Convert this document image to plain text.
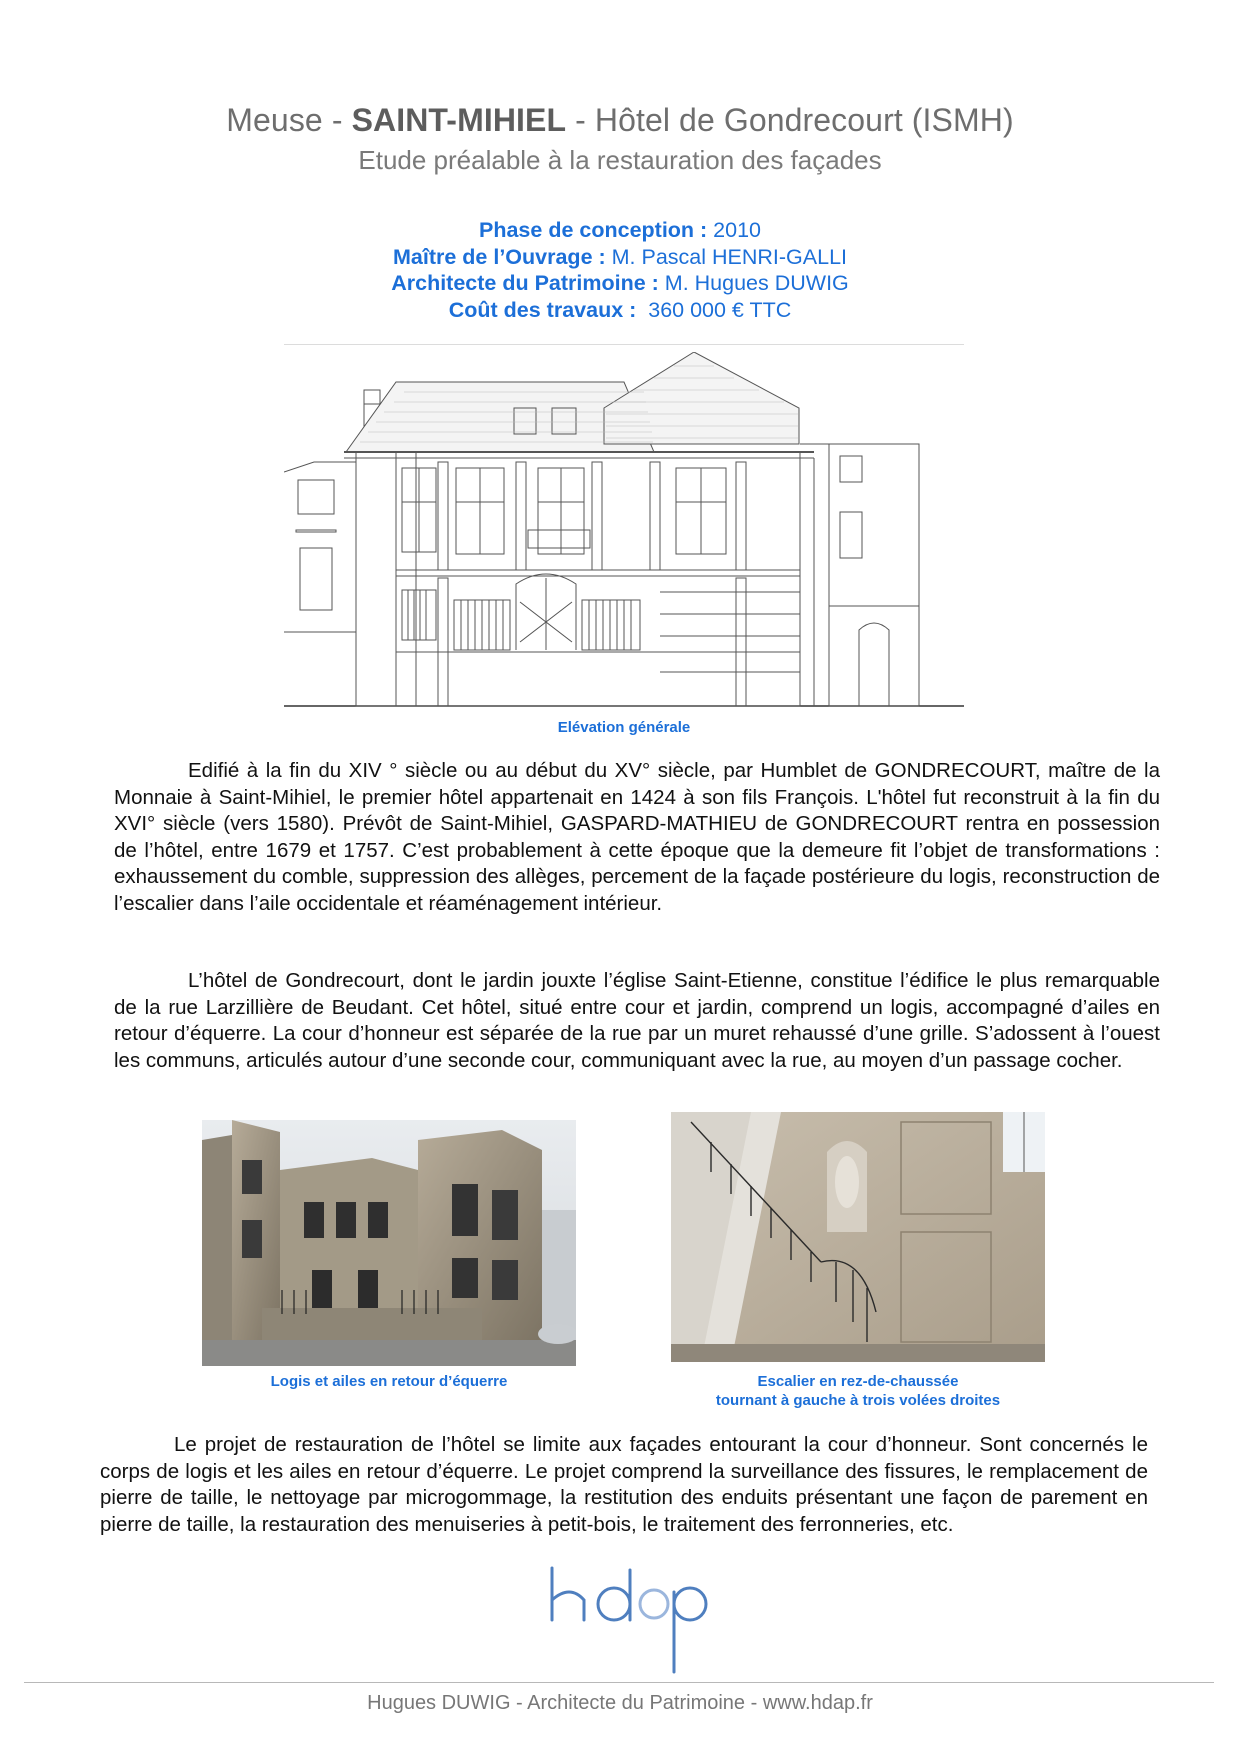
Meuse - SAINT-MIHIEL - Hôtel de Gondrecourt (ISMH)
Etude préalable à la restauration des façades
Phase de conception : 2010
Maître de l’Ouvrage : M. Pascal HENRI-GALLI
Architecte du Patrimoine : M. Hugues DUWIG
Coût des travaux :  360 000 € TTC
Elévation générale
Edifié à la fin du XIV ° siècle ou au début du XV° siècle, par Humblet de GONDRECOURT, maître de la Monnaie à Saint-Mihiel, le premier hôtel appartenait en 1424 à son fils François. L'hôtel fut reconstruit à la fin du XVI° siècle (vers 1580). Prévôt de Saint-Mihiel, GASPARD-MATHIEU de GONDRECOURT rentra en possession de l’hôtel, entre 1679 et 1757. C’est probablement à cette époque que la demeure fit l’objet de transformations : exhaussement du comble, suppression des allèges, percement de la façade postérieure du logis, reconstruction de l’escalier dans l’aile occidentale et réaménagement intérieur.
L’hôtel de Gondrecourt, dont le jardin jouxte l’église Saint-Etienne, constitue l’édifice le plus remarquable de la rue Larzillière de Beudant. Cet hôtel, situé entre cour et jardin, comprend un logis, accompagné d’ailes en retour d’équerre. La cour d’honneur est séparée de la rue par un muret rehaussé d’une grille. S’adossent à l’ouest les communs, articulés autour d’une seconde cour, communiquant avec la rue, au moyen d’un passage cocher.
Logis et ailes en retour d’équerre	Escalier en rez-de-chaussée
tournant à gauche à trois volées droites
Le projet de restauration de l’hôtel se limite aux façades entourant la cour d’honneur. Sont concernés le corps de logis et les ailes en retour d’équerre. Le projet comprend la surveillance des fissures, le remplacement de pierre de taille, le nettoyage par microgommage, la restitution des enduits présentant une façon de parement en pierre de taille, la restauration des menuiseries à petit-bois, le traitement des ferronneries, etc.
Hugues DUWIG - Architecte du Patrimoine - www.hdap.fr
